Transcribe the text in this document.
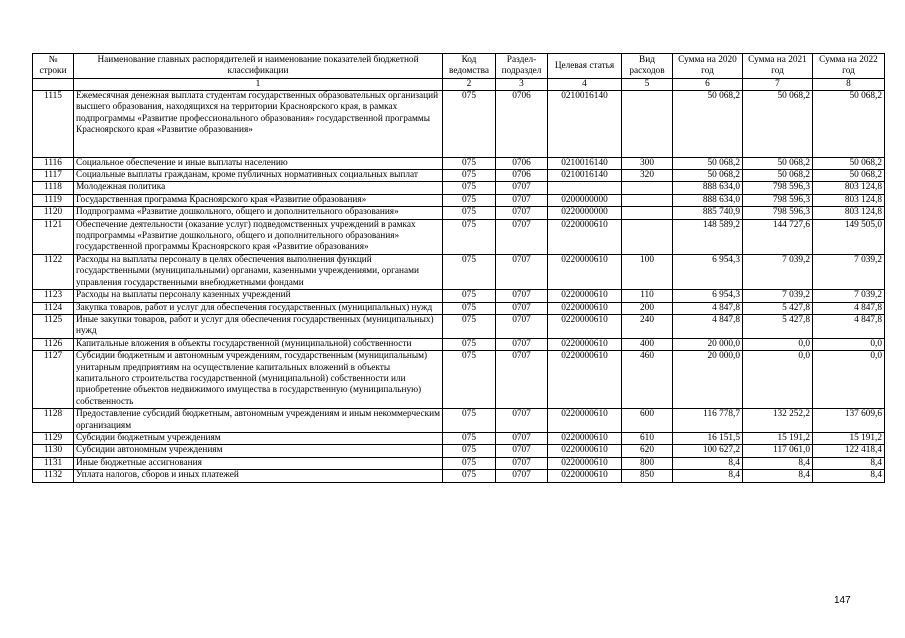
№ строки	Наименование главных распорядителей и наименование показателей бюджетной классификации	Код ведомства	Раздел-подраздел	Целевая статья	Вид расходов	Сумма на 2020 год	Сумма на 2021 год	Сумма на 2022 год
	1	2	3	4	5	6	7	8
1115	Ежемесячная денежная выплата студентам государственных образовательных организаций высшего образования, находящихся на территории Красноярского края, в рамках подпрограммы «Развитие профессионального образования» государственной программы Красноярского края «Развитие образования»	075	0706	0210016140		50 068,2	50 068,2	50 068,2
1116	Социальное обеспечение и иные выплаты населению	075	0706	0210016140	300	50 068,2	50 068,2	50 068,2
1117	Социальные выплаты гражданам, кроме публичных нормативных социальных выплат	075	0706	0210016140	320	50 068,2	50 068,2	50 068,2
1118	Молодежная политика	075	0707			888 634,0	798 596,3	803 124,8
1119	Государственная программа Красноярского края «Развитие образования»	075	0707	0200000000		888 634,0	798 596,3	803 124,8
1120	Подпрограмма «Развитие дошкольного, общего и дополнительного образования»	075	0707	0220000000		885 740,9	798 596,3	803 124,8
1121	Обеспечение деятельности (оказание услуг) подведомственных учреждений в рамках подпрограммы «Развитие дошкольного, общего и дополнительного образования» государственной программы Красноярского края «Развитие образования»	075	0707	0220000610		148 589,2	144 727,6	149 505,0
1122	Расходы на выплаты персоналу в целях обеспечения выполнения функций государственными (муниципальными) органами, казенными учреждениями, органами управления государственными внебюджетными фондами	075	0707	0220000610	100	6 954,3	7 039,2	7 039,2
1123	Расходы на выплаты персоналу казенных учреждений	075	0707	0220000610	110	6 954,3	7 039,2	7 039,2
1124	Закупка товаров, работ и услуг для обеспечения государственных (муниципальных) нужд	075	0707	0220000610	200	4 847,8	5 427,8	4 847,8
1125	Иные закупки товаров, работ и услуг для обеспечения государственных (муниципальных) нужд	075	0707	0220000610	240	4 847,8	5 427,8	4 847,8
1126	Капитальные вложения в объекты государственной (муниципальной) собственности	075	0707	0220000610	400	20 000,0	0,0	0,0
1127	Субсидии бюджетным и автономным учреждениям, государственным (муниципальным) унитарным предприятиям на осуществление капитальных вложений в объекты капитального строительства государственной (муниципальной) собственности или приобретение объектов недвижимого имущества в государственную (муниципальную) собственность	075	0707	0220000610	460	20 000,0	0,0	0,0
1128	Предоставление субсидий бюджетным, автономным учреждениям и иным некоммерческим организациям	075	0707	0220000610	600	116 778,7	132 252,2	137 609,6
1129	Субсидии бюджетным учреждениям	075	0707	0220000610	610	16 151,5	15 191,2	15 191,2
1130	Субсидии автономным учреждениям	075	0707	0220000610	620	100 627,2	117 061,0	122 418,4
1131	Иные бюджетные ассигнования	075	0707	0220000610	800	8,4	8,4	8,4
1132	Уплата налогов, сборов и иных платежей	075	0707	0220000610	850	8,4	8,4	8,4
147
